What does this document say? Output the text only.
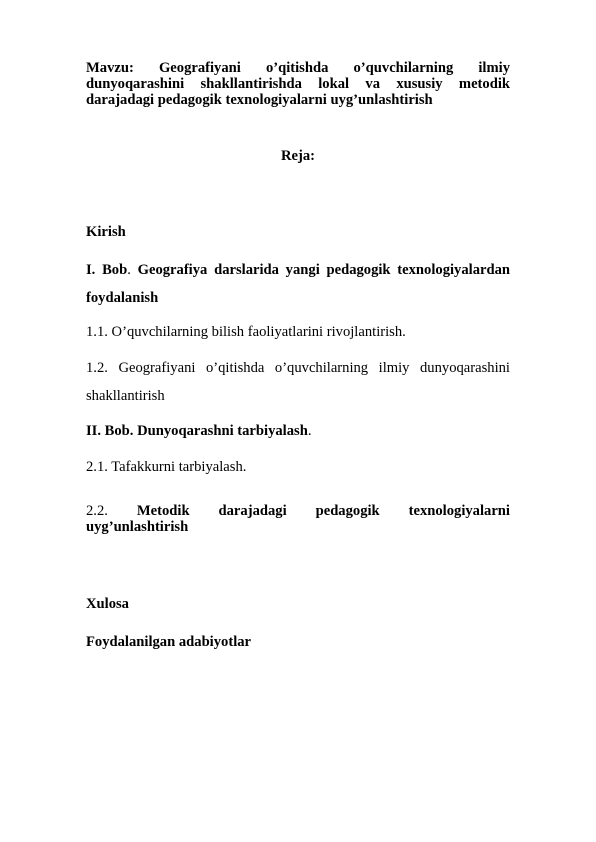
Mavzu: Geografiyani o’qitishda o’quvchilarning ilmiy
dunyoqarashini shakllantirishda lokal va xususiy metodik
darajadagi pedagogik texnologiyalarni uyg’unlashtirish
Reja:
Kirish
I. Bob. Geografiya darslarida yangi pedagogik texnologiyalardan
foydalanish
1.1. O’quvchilarning bilish faoliyatlarini rivojlantirish.
1.2. Geografiyani o’qitishda o’quvchilarning ilmiy dunyoqarashini
shakllantirish
II. Bob. Dunyoqarashni tarbiyalash.
2.1. Tafakkurni tarbiyalash.
2.2. Metodik darajadagi pedagogik texnologiyalarni
uyg’unlashtirish
Xulosa
Foydalanilgan adabiyotlar
